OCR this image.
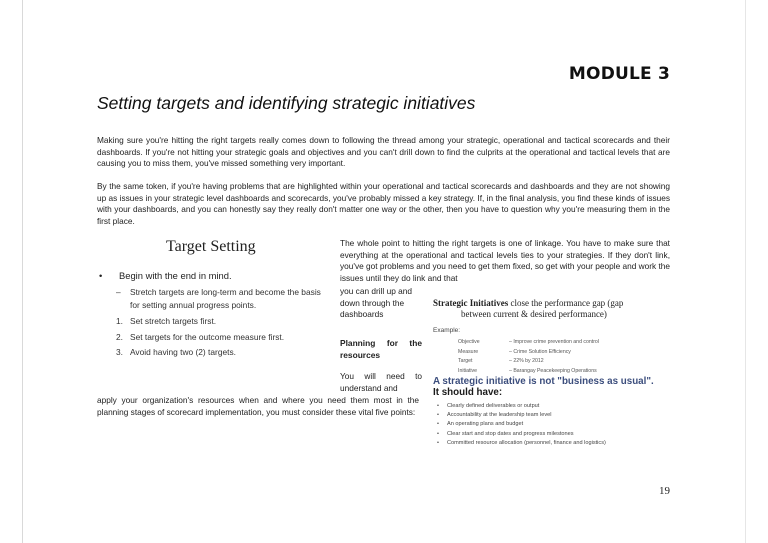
MODULE 3
Setting targets and identifying strategic initiatives

Making sure you're hitting the right targets really comes down to following the thread among your strategic, operational and tactical scorecards and their dashboards. If you're not hitting your strategic goals and objectives and you can't drill down to find the culprits at the operational and tactical levels that are causing you to miss them, you've missed something very important.

By the same token, if you're having problems that are highlighted within your operational and tactical scorecards and dashboards and they are not showing up as issues in your strategic level dashboards and scorecards, you've probably missed a key strategy. If, in the final analysis, you find these kinds of issues with your dashboards, and you can honestly say they really don't matter one way or the other, then you have to question why you're measuring them in the first place.

Target Setting
•	Begin with the end in mind.
–	Stretch targets are long-term and become the basis for setting annual progress points.
1. Set stretch targets first.
2. Set targets for the outcome measure first.
3. Avoid having two (2) targets.

The whole point to hitting the right targets is one of linkage. You have to make sure that everything at the operational and tactical levels ties to your strategies. If they don't link, you've got problems and you need to get them fixed, so get with your people and work the issues until they do link and that

you can drill up and down through the dashboards

Planning for the resources

You will need to understand and

apply your organization's resources when and where you need them most in the planning stages of scorecard implementation, you must consider these vital five points:

Strategic Initiatives close the performance gap (gap
between current & desired performance)
Example:
Objective	– Improve crime prevention and control
Measure	– Crime Solution Efficiency
Target	– 22% by 2012
Initiative	– Barangay Peacekeeping Operations
A strategic initiative is not "business as usual".
It should have:
•	Clearly defined deliverables or output
•	Accountability at the leadership team level
•	An operating plans and budget
•	Clear start and stop dates and progress milestones
•	Committed resource allocation (personnel, finance and logistics)
19
